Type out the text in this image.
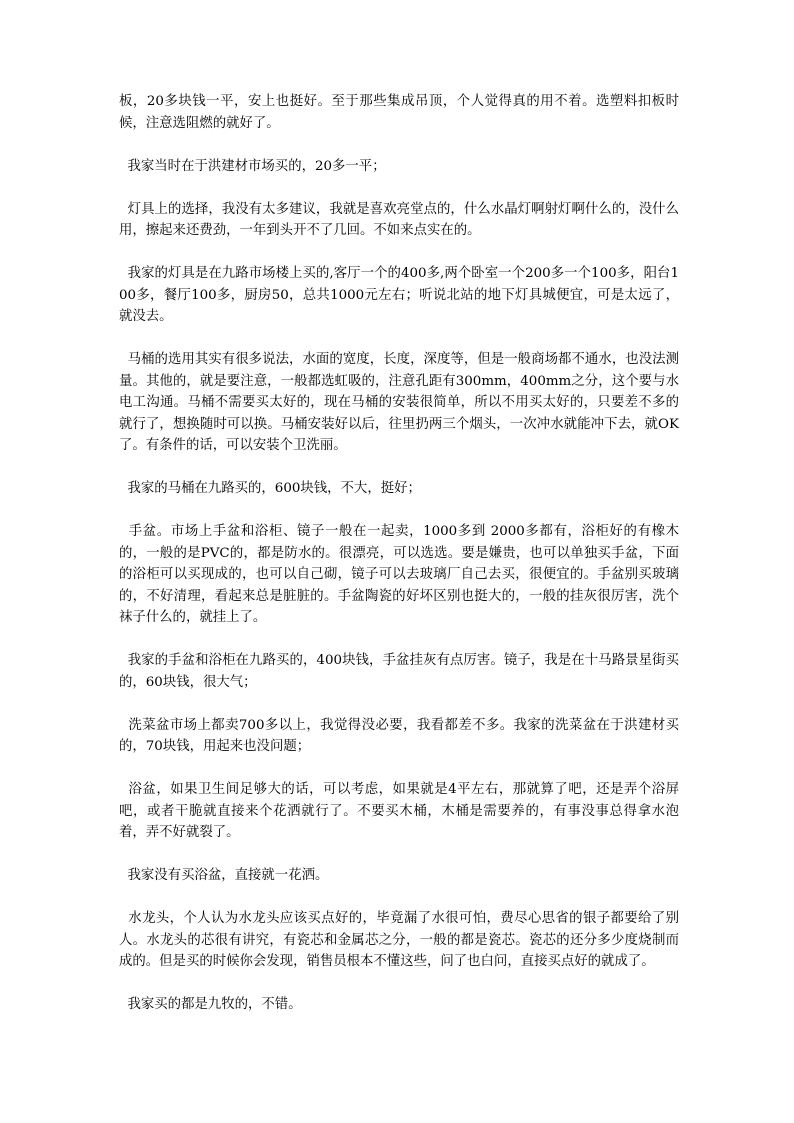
板，20多块钱一平，安上也挺好。至于那些集成吊顶，个人觉得真的用不着。选塑料扣板时候，注意选阻燃的就好了。

我家当时在于洪建材市场买的，20多一平；

灯具上的选择，我没有太多建议，我就是喜欢亮堂点的，什么水晶灯啊射灯啊什么的，没什么用，擦起来还费劲，一年到头开不了几回。不如来点实在的。

我家的灯具是在九路市场楼上买的,客厅一个的400多,两个卧室一个200多一个100多，阳台100多，餐厅100多，厨房50，总共1000元左右；听说北站的地下灯具城便宜，可是太远了，就没去。

马桶的选用其实有很多说法，水面的宽度，长度，深度等，但是一般商场都不通水，也没法测量。其他的，就是要注意，一般都选虹吸的，注意孔距有300mm，400mm之分，这个要与水电工沟通。马桶不需要买太好的，现在马桶的安装很简单，所以不用买太好的，只要差不多的就行了，想换随时可以换。马桶安装好以后，往里扔两三个烟头，一次冲水就能冲下去，就OK了。有条件的话，可以安装个卫洗丽。

我家的马桶在九路买的，600块钱，不大，挺好；

手盆。市场上手盆和浴柜、镜子一般在一起卖，1000多到 2000多都有，浴柜好的有橡木的，一般的是PVC的，都是防水的。很漂亮，可以选选。要是嫌贵，也可以单独买手盆，下面的浴柜可以买现成的，也可以自己砌，镜子可以去玻璃厂自己去买，很便宜的。手盆别买玻璃的，不好清理，看起来总是脏脏的。手盆陶瓷的好坏区别也挺大的，一般的挂灰很厉害，洗个袜子什么的，就挂上了。

我家的手盆和浴柜在九路买的，400块钱，手盆挂灰有点厉害。镜子，我是在十马路景星街买的，60块钱，很大气；

洗菜盆市场上都卖700多以上，我觉得没必要，我看都差不多。我家的洗菜盆在于洪建材买的，70块钱，用起来也没问题；

浴盆，如果卫生间足够大的话，可以考虑，如果就是4平左右，那就算了吧，还是弄个浴屏吧，或者干脆就直接来个花洒就行了。不要买木桶，木桶是需要养的，有事没事总得拿水泡着，弄不好就裂了。

我家没有买浴盆，直接就一花洒。

水龙头，个人认为水龙头应该买点好的，毕竟漏了水很可怕，费尽心思省的银子都要给了别人。水龙头的芯很有讲究，有瓷芯和金属芯之分，一般的都是瓷芯。瓷芯的还分多少度烧制而成的。但是买的时候你会发现，销售员根本不懂这些，问了也白问，直接买点好的就成了。

我家买的都是九牧的，不错。
